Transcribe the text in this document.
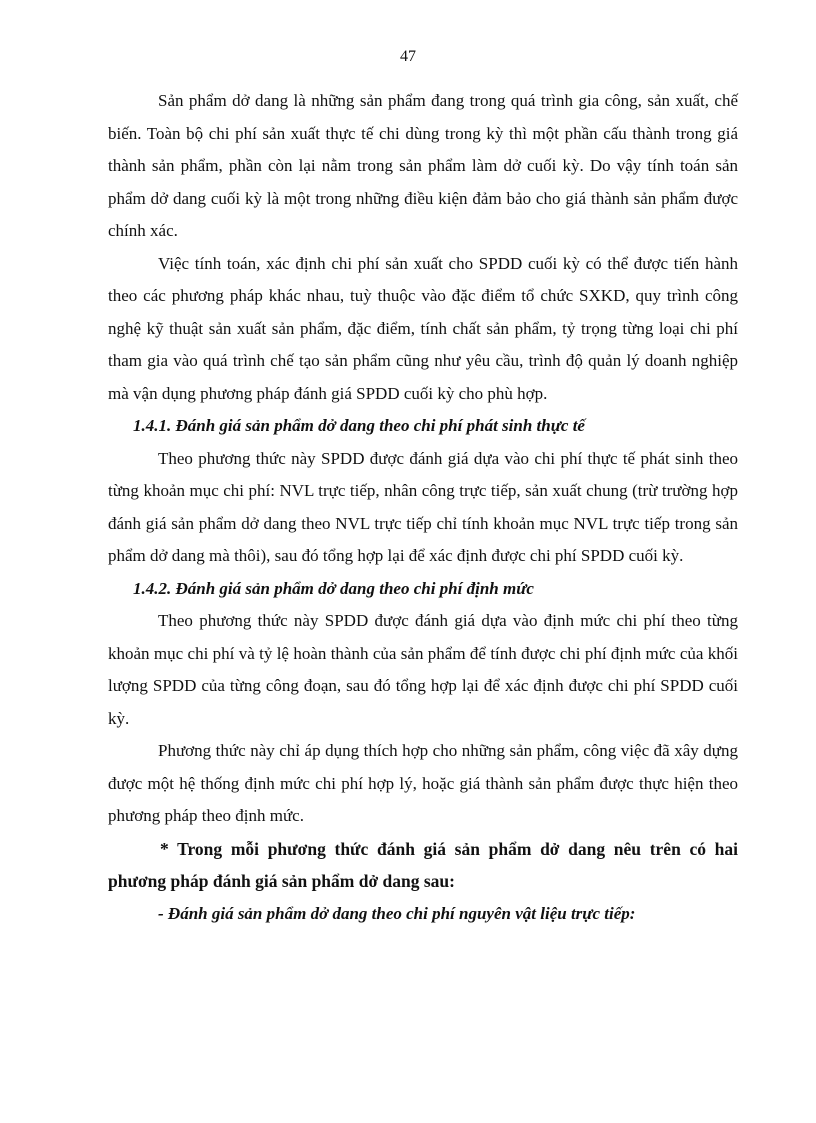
47

Sản phẩm dở dang là những sản phẩm đang trong quá trình gia công, sản xuất, chế biến. Toàn bộ chi phí sản xuất thực tế chi dùng trong kỳ thì một phần cấu thành trong giá thành sản phẩm, phần còn lại nằm trong sản phẩm làm dở cuối kỳ. Do vậy tính toán sản phẩm dở dang cuối kỳ là một trong những điều kiện đảm bảo cho giá thành sản phẩm được chính xác.

Việc tính toán, xác định chi phí sản xuất cho SPDD cuối kỳ có thể được tiến hành theo các phương pháp khác nhau, tuỳ thuộc vào đặc điểm tổ chức SXKD, quy trình công nghệ kỹ thuật sản xuất sản phẩm, đặc điểm, tính chất sản phẩm, tỷ trọng từng loại chi phí tham gia vào quá trình chế tạo sản phẩm cũng như yêu cầu, trình độ quản lý doanh nghiệp mà vận dụng phương pháp đánh giá SPDD cuối kỳ cho phù hợp.

1.4.1. Đánh giá sản phẩm dở dang theo chi phí phát sinh thực tế

Theo phương thức này SPDD được đánh giá dựa vào chi phí thực tế phát sinh theo từng khoản mục chi phí: NVL trực tiếp, nhân công trực tiếp, sản xuất chung (trừ trường hợp đánh giá sản phẩm dở dang theo NVL trực tiếp chỉ tính khoản mục NVL trực tiếp trong sản phẩm dở dang mà thôi), sau đó tổng hợp lại để xác định được chi phí SPDD cuối kỳ.

1.4.2. Đánh giá sản phẩm dở dang theo chi phí định mức

Theo phương thức này SPDD được đánh giá dựa vào định mức chi phí theo từng khoản mục chi phí và tỷ lệ hoàn thành của sản phẩm để tính được chi phí định mức của khối lượng SPDD của từng công đoạn, sau đó tổng hợp lại để xác định được chi phí SPDD cuối kỳ.

Phương thức này chỉ áp dụng thích hợp cho những sản phẩm, công việc đã xây dựng được một hệ thống định mức chi phí hợp lý, hoặc giá thành sản phẩm được thực hiện theo phương pháp theo định mức.

* Trong mỗi phương thức đánh giá sản phẩm dở dang nêu trên có hai phương pháp đánh giá sản phẩm dở dang sau:

- Đánh giá sản phẩm dở dang theo chi phí nguyên vật liệu trực tiếp:
